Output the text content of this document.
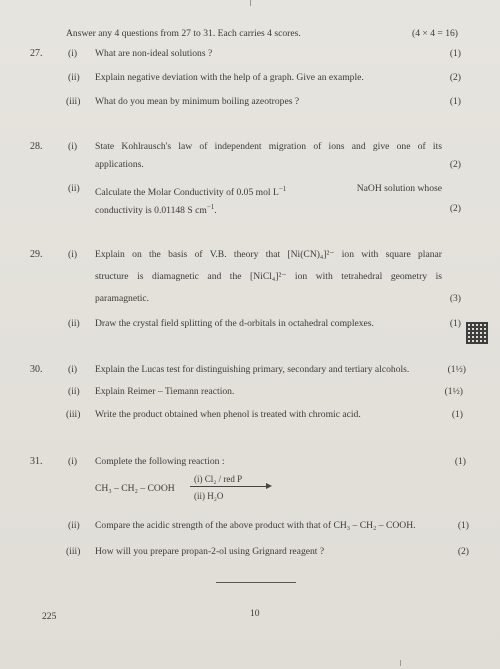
Answer any 4 questions from 27 to 31. Each carries 4 scores.	(4 × 4 = 16)
27.	(i) What are non-ideal solutions ?	(1)
(ii) Explain negative deviation with the help of a graph. Give an example.	(2)
(iii) What do you mean by minimum boiling azeotropes ?	(1)
28.	(i) State Kohlrausch's law of independent migration of ions and give one of its
applications.	(2)
(ii) Calculate the Molar Conductivity of 0.05 mol $L^{-1}$	NaOH solution whose
conductivity is 0.01148 S $cm^{-1}$.	(2)
29.	(i) Explain on the basis of V.B. theory that [Ni(CN)₄]²⁻ ion with square planar
structure is diamagnetic and the [NiCl₄]²⁻ ion with tetrahedral geometry is
paramagnetic.	(3)
(ii) Draw the crystal field splitting of the d-orbitals in octahedral complexes.	(1)
30.	(i) Explain the Lucas test for distinguishing primary, secondary and tertiary alcohols.	(1½)
(ii) Explain Reimer – Tiemann reaction.	(1½)
(iii) Write the product obtained when phenol is treated with chromic acid.	(1)
31.	(i) Complete the following reaction :	(1)
CH₃ – CH₂ – COOH
(i) Cl₂ / red P
(ii) H₂O
(ii) Compare the acidic strength of the above product with that of CH₃ – CH₂ – COOH.	(1)
(iii) How will you prepare propan-2-ol using Grignard reagent ?	(2)
225	10
